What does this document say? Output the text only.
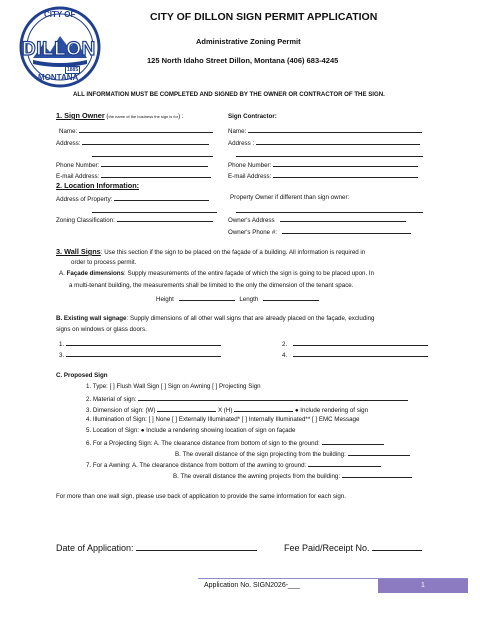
CITY OF
DILLON
1885
MONTANA
CITY OF DILLON SIGN PERMIT APPLICATION
Administrative Zoning Permit
125 North Idaho Street Dillon, Montana (406) 683-4245
ALL INFORMATION MUST BE COMPLETED AND SIGNED BY THE OWNER OR CONTRACTOR OF THE SIGN.
1. Sign Owner (the name of the business the sign is for) :	Sign Contractor:
Name:
Address:
Phone Number:
E-mail Address:
Name:
Address :
Phone Number:
E-mail Address:
2. Location Information:
Address of Property:
Zoning Classification:
Property Owner if different than sign owner:
Owner's Address
Owner's Phone #:
3. Wall Signs: Use this section if the sign to be placed on the façade of a building. All information is required in
order to process permit.
A. Façade dimensions: Supply measurements of the entire façade of which the sign is going to be placed upon. In
a multi-tenant building, the measurements shall be limited to the only the dimension of the tenant space.
Height	Length
B. Existing wall signage: Supply dimensions of all other wall signs that are already placed on the façade, excluding
signs on windows or glass doors.
1.
3.
2.
4.
C. Proposed Sign
1. Type: [ ] Flush Wall Sign [ ] Sign on Awning [ ] Projecting Sign
2. Material of sign:
3. Dimension of sign: (W)	X (H)	● Include rendering of sign
4. Illumination of Sign: [ ] None [ ] Externally Illuminated* [ ] Internally Illuminated** [ ] EMC Message
5. Location of Sign: ● Include a rendering showing location of sign on façade
6. For a Projecting Sign: A. The clearance distance from bottom of sign to the ground:
B. The overall distance of the sign projecting from the building:
7. For a Awning: A. The clearance distance from bottom of the awning to ground:
B. The overall distance the awning projects from the building:
For more than one wall sign, please use back of application to provide the same information for each sign.
Date of Application:	Fee Paid/Receipt No.
Application No. SIGN2026-___	1
